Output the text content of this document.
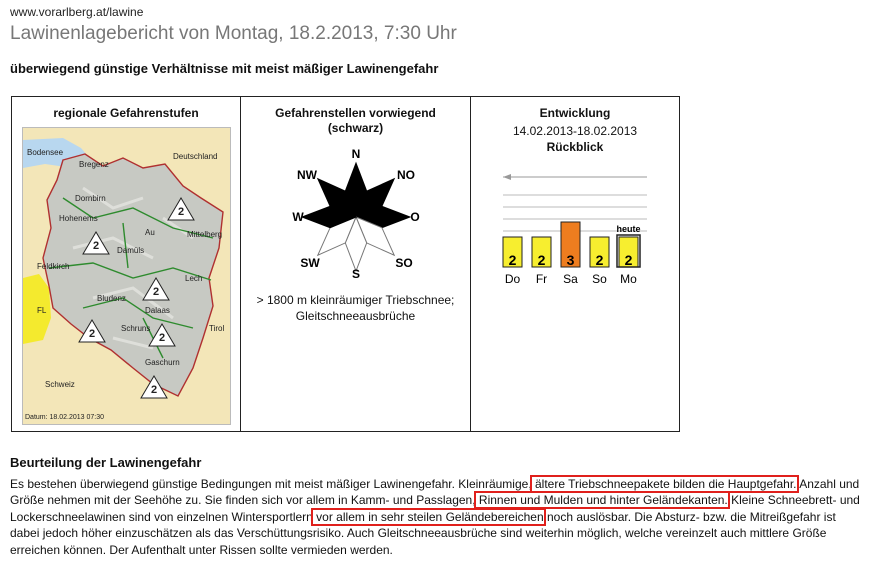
www.vorarlberg.at/lawine
Lawinenlagebericht von Montag, 18.2.2013, 7:30 Uhr
überwiegend günstige Verhältnisse mit meist mäßiger Lawinengefahr
regionale Gefahrenstufen
Bodensee	Deutschland
Bregenz
Dornbirn
Hohenems
Au	Mittelberg
Damüls
Feldkirch
Lech
FL
Bludenz
Dalaas
Schruns	Tirol
Gaschurn
Schweiz
Datum: 18.02.2013 07:30
2
2
2
2	2
2
Gefahrenstellen vorwiegend
(schwarz)
N
NO
O
SO
S
SW
W
NW
> 1800 m kleinräumiger Triebschnee;
Gleitschneeausbrüche
Entwicklung
14.02.2013-18.02.2013
Rückblick
2
Do
2
Fr
3
Sa
2
So
heute
2
Mo
Beurteilung der Lawinengefahr
Es bestehen überwiegend günstige Bedingungen mit meist mäßiger Lawinengefahr. Kleinräumige, ältere Triebschneepakete bilden die Hauptgefahr. Anzahl und Größe nehmen mit der Seehöhe zu. Sie finden sich vor allem in Kamm- und Passlagen, Rinnen und Mulden und hinter Geländekanten. Kleine Schneebrett- und Lockerschneelawinen sind von einzelnen Wintersportlern vor allem in sehr steilen Geländebereichen noch auslösbar. Die Absturz- bzw. die Mitreißgefahr ist dabei jedoch höher einzuschätzen als das Verschüttungsrisiko. Auch Gleitschneeausbrüche sind weiterhin möglich, welche vereinzelt auch mittlere Größe erreichen können. Der Aufenthalt unter Rissen sollte vermieden werden.
